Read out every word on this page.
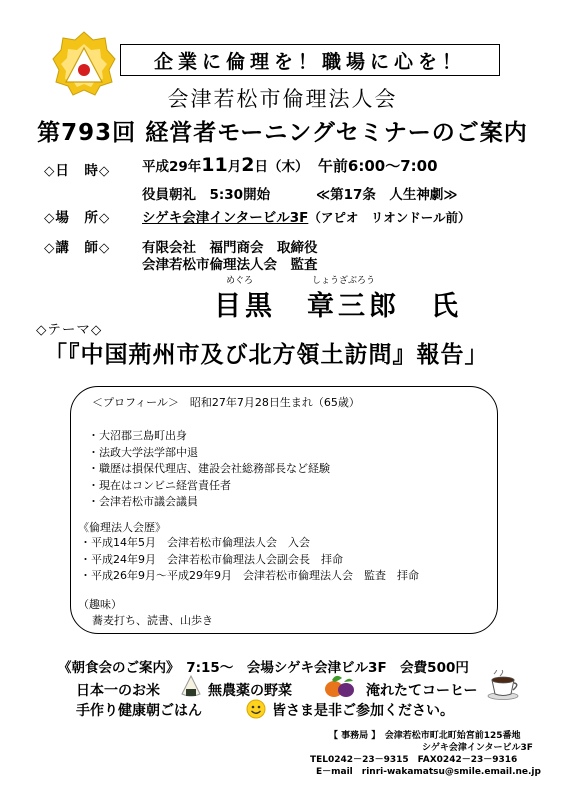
企業に倫理を！職場に心を！
会津若松市倫理法人会
第793回 経営者モーニングセミナーのご案内
◇日　時◇ 平成29年11月2日（木） 午前6:00～7:00
役員朝礼　5:30開始	≪第17条　人生神劇≫
◇場　所◇ シゲキ会津インタービル3F（アピオ　リオンドール前）
◇講　師◇ 有限会社　福門商会　取締役
会津若松市倫理法人会　監査
めぐろ	しょうざぶろう
目黒　章三郎　氏
◇テーマ◇
「『中国荊州市及び北方領土訪問』報告」
＜プロフィール＞　昭和27年7月28日生まれ（65歳）
・大沼郡三島町出身
・法政大学法学部中退
・職歴は損保代理店、建設会社総務部長など経験
・現在はコンビニ経営責任者
・会津若松市議会議員
《倫理法人会歴》
・平成14年5月　会津若松市倫理法人会　入会
・平成24年9月　会津若松市倫理法人会副会長　拝命
・平成26年9月～平成29年9月　会津若松市倫理法人会　監査　拝命
（趣味）
蕎麦打ち、読書、山歩き
《朝食会のご案内》　7:15～　会場シゲキ会津ビル3F　会費500円
日本一のお米	無農薬の野菜	淹れたてコーヒー
手作り健康朝ごはん	皆さま是非ご参加ください。
【 事務局 】　会津若松市町北町始宮前125番地
シゲキ会津インタービル3F
TEL0242－23－9315　FAX0242－23－9316
E－mail　rinri-wakamatsu@smile.email.ne.jp
